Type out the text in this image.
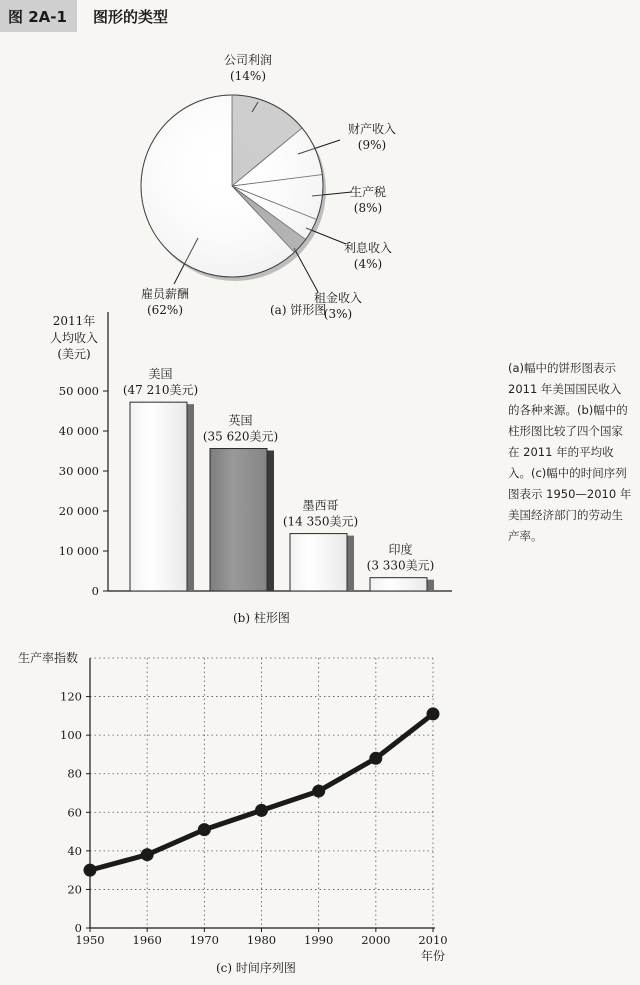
图 2A-1	图形的类型
公司利润
(14%)
财产收入
(9%)
生产税
(8%)
利息收入
(4%)
租金收入
(3%)
雇员薪酬
(62%)	(a) 饼形图
0
10 000
20 000
30 000
40 000
50 000
2011年
人均收入
(美元)
美国
(47 210美元)
英国
(35 620美元)
墨西哥
(14 350美元)
印度
(3 330美元)
(b) 柱形图
0
20
40
60
80
100
120
1950 1960 1970 1980 1990 2000 2010
生产率指数
年份
(c) 时间序列图
(a)幅中的饼形图表示2011 年美国国民收入的各种来源。(b)幅中的柱形图比较了四个国家在 2011 年的平均收入。(c)幅中的时间序列图表示 1950—2010 年美国经济部门的劳动生产率。
